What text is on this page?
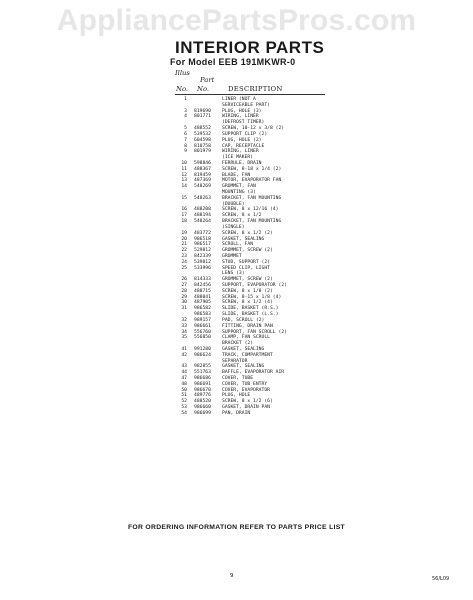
AppliancePartsPros.com
INTERIOR PARTS
For Model EEB 191MKWR-0
Illus
Part
No. No.	DESCRIPTION
1	LINER (NOT A
SERVICEABLE PART)
3 819690 PLUG, HOLE (3)
4 801771 WIRING, LINER
(DEFROST TIMER)
5 488552 SCREW, 10-12 x 3/8 (2)
6 539532 SUPPORT CLIP (2)
7 604598 PLUG, HOLE (2)
8 810758 CAP, RECEPTACLE
9 801979 WIRING, LINER
(ICE MAKER)
10 598846 FERRULE, DRAIN
11 488367 SCREW, 8-18 x 1/4 (2)
12 819459 BLADE, FAN
13 487369 MOTOR, EVAPORATOR FAN
14 548269 GROMMET, FAN
MOUNTING (3)
15 548263 BRACKET, FAN MOUNTING
(DOUBLE)
16 488208 SCREW, 8 x 12/16 (4)
17 488194 SCREW, 8 x 1/2
18 548264 BRACKET, FAN MOUNTING
(SINGLE)
19 483772 SCREW, 8 x 1/2 (2)
20 986518 GASKET, SEALING
21 986517 SCROLL, FAN
22 529812 GROMMET, SCREW (2)
23 842339 GROMMET
24 539812 STUD, SUPPORT (2)
25 533996 SPEED CLIP, LIGHT
LENS (3)
26 814333 GROMMET, SCREW (2)
27 842456 SUPPORT, EVAPORATOR (2)
28 488715 SCREW, 8 x 1/8 (2)
29 488041 SCREW, 8-15 x 1/8 (4)
30 487905 SCREW, 8 x 1/2 (4)
31 986582 SLIDE, BASKET (R.S.)
986583 SLIDE, BASKET (L.S.)
32 989157 PAD, SCROLL (2)
33 986661 FITTING, DRAIN PAN
34 556760 SUPPORT, FAN SCROLL (2)
35 556850 CLAMP, FAN SCROLL
BRACKET (2)
41 991280 GASKET, SEALING
42 986624 TRACK, COMPARTMENT
SEPARATOR
43 982855 GASKET, SEALING
44 551763 BAFFLE, EVAPORATOR AIR
47 986686 COVER, TUBE
48 986691 COVER, TUB ENTRY
50 986670 COVER, EVAPORATOR
51 489776 PLUG, HOLE
52 488520 SCREW, 8 x 1/2 (6)
53 986660 GASKET, DRAIN PAN
54 986699 PAN, DRAIN
FOR ORDERING INFORMATION REFER TO PARTS PRICE LIST
9	56/L09
